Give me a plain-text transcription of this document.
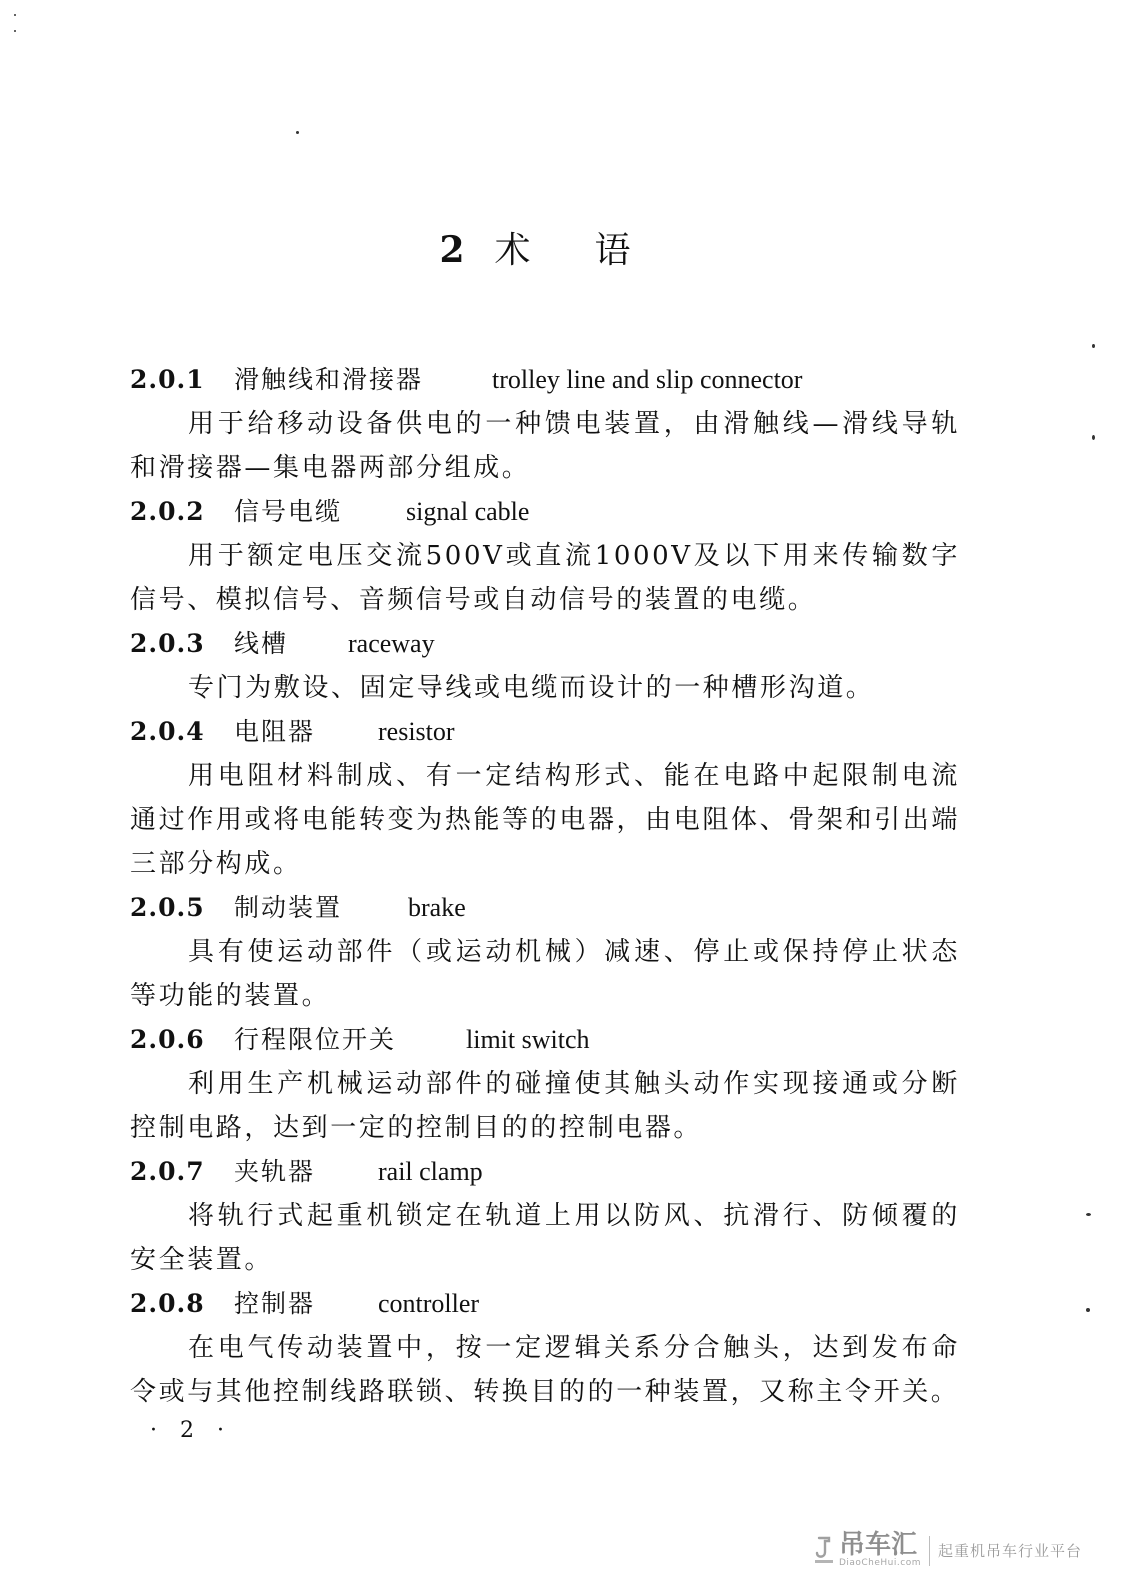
2 术 语
2.0.1 滑触线和滑接器	trolley line and slip connector

用于给移动设备供电的一种馈电装置，由滑触线—滑线导轨和滑接器—集电器两部分组成。

2.0.2 信号电缆 signal cable

用于额定电压交流500V或直流1000V及以下用来传输数字信号、模拟信号、音频信号或自动信号的装置的电缆。

2.0.3 线槽 raceway

专门为敷设、固定导线或电缆而设计的一种槽形沟道。

2.0.4 电阻器 resistor

用电阻材料制成、有一定结构形式、能在电路中起限制电流通过作用或将电能转变为热能等的电器，由电阻体、骨架和引出端三部分构成。

2.0.5 制动装置	brake

具有使运动部件（或运动机械）减速、停止或保持停止状态等功能的装置。

2.0.6 行程限位开关	limit switch

利用生产机械运动部件的碰撞使其触头动作实现接通或分断控制电路，达到一定的控制目的的控制电器。

2.0.7 夹轨器 rail clamp

将轨行式起重机锁定在轨道上用以防风、抗滑行、防倾覆的安全装置。

2.0.8 控制器 controller

在电气传动装置中，按一定逻辑关系分合触头，达到发布命令或与其他控制线路联锁、转换目的的一种装置，又称主令开关。

· 2 ·
吊车汇
DiaoCheHui.com
起重机吊车行业平台
